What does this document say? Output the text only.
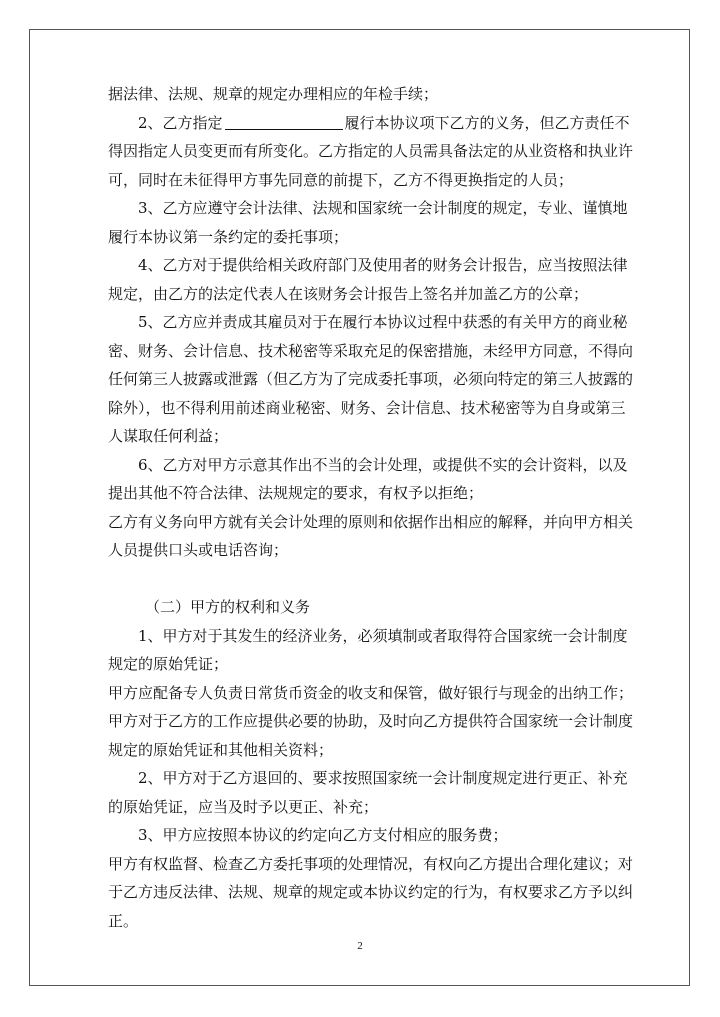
据法律、法规、规章的规定办理相应的年检手续；
2、乙方指定	履行本协议项下乙方的义务，但乙方责任不
得因指定人员变更而有所变化。乙方指定的人员需具备法定的从业资格和执业许
可，同时在未征得甲方事先同意的前提下，乙方不得更换指定的人员；
3、乙方应遵守会计法律、法规和国家统一会计制度的规定，专业、谨慎地
履行本协议第一条约定的委托事项；
4、乙方对于提供给相关政府部门及使用者的财务会计报告，应当按照法律
规定，由乙方的法定代表人在该财务会计报告上签名并加盖乙方的公章；
5、乙方应并责成其雇员对于在履行本协议过程中获悉的有关甲方的商业秘
密、财务、会计信息、技术秘密等采取充足的保密措施，未经甲方同意，不得向
任何第三人披露或泄露（但乙方为了完成委托事项，必须向特定的第三人披露的
除外），也不得利用前述商业秘密、财务、会计信息、技术秘密等为自身或第三
人谋取任何利益；
6、乙方对甲方示意其作出不当的会计处理，或提供不实的会计资料，以及
提出其他不符合法律、法规规定的要求，有权予以拒绝；
乙方有义务向甲方就有关会计处理的原则和依据作出相应的解释，并向甲方相关
人员提供口头或电话咨询；
（二）甲方的权利和义务
1、甲方对于其发生的经济业务，必须填制或者取得符合国家统一会计制度
规定的原始凭证；
甲方应配备专人负责日常货币资金的收支和保管，做好银行与现金的出纳工作；
甲方对于乙方的工作应提供必要的协助，及时向乙方提供符合国家统一会计制度
规定的原始凭证和其他相关资料；
2、甲方对于乙方退回的、要求按照国家统一会计制度规定进行更正、补充
的原始凭证，应当及时予以更正、补充；
3、甲方应按照本协议的约定向乙方支付相应的服务费；
甲方有权监督、检查乙方委托事项的处理情况，有权向乙方提出合理化建议；对
于乙方违反法律、法规、规章的规定或本协议约定的行为，有权要求乙方予以纠
正。
2
